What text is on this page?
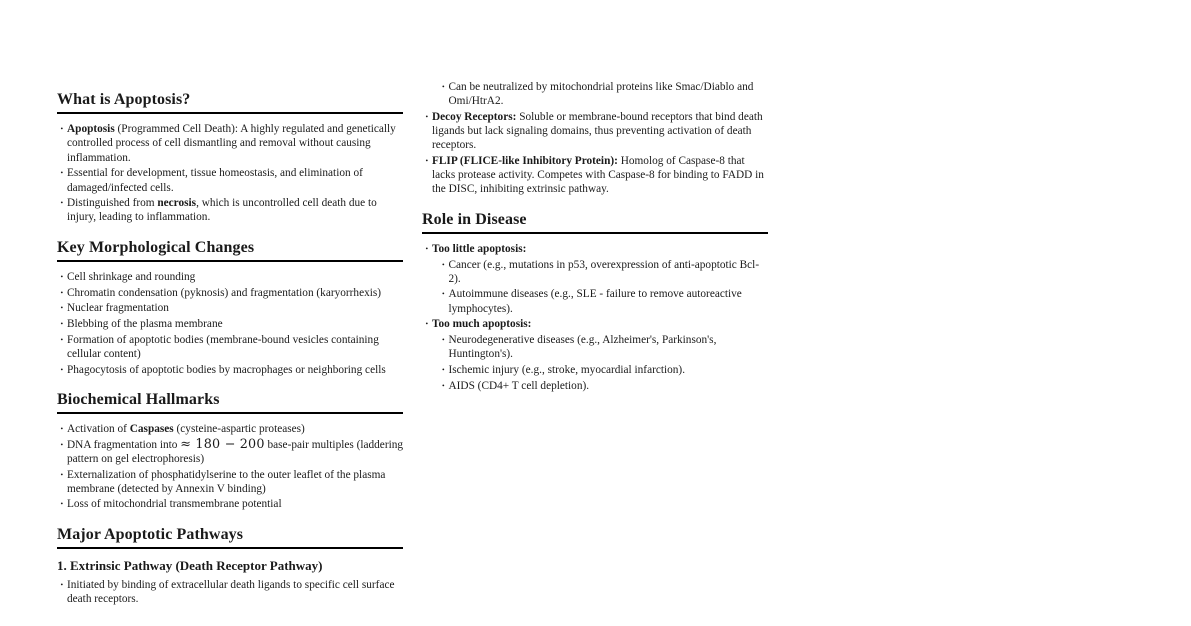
What is Apoptosis?
• Apoptosis (Programmed Cell Death): A highly regulated and genetically controlled process of cell dismantling and removal without causing inflammation.
• Essential for development, tissue homeostasis, and elimination of damaged/infected cells.
• Distinguished from necrosis, which is uncontrolled cell death due to injury, leading to inflammation.
Key Morphological Changes
• Cell shrinkage and rounding
• Chromatin condensation (pyknosis) and fragmentation (karyorrhexis)
• Nuclear fragmentation
• Blebbing of the plasma membrane
• Formation of apoptotic bodies (membrane-bound vesicles containing cellular content)
• Phagocytosis of apoptotic bodies by macrophages or neighboring cells
Biochemical Hallmarks
• Activation of Caspases (cysteine-aspartic proteases)
• DNA fragmentation into ≈ 180 − 200 base-pair multiples (laddering pattern on gel electrophoresis)
• Externalization of phosphatidylserine to the outer leaflet of the plasma membrane (detected by Annexin V binding)
• Loss of mitochondrial transmembrane potential
Major Apoptotic Pathways
1. Extrinsic Pathway (Death Receptor Pathway)
• Initiated by binding of extracellular death ligands to specific cell surface death receptors.
• Can be neutralized by mitochondrial proteins like Smac/Diablo and Omi/HtrA2.
• Decoy Receptors: Soluble or membrane-bound receptors that bind death ligands but lack signaling domains, thus preventing activation of death receptors.
• FLIP (FLICE-like Inhibitory Protein): Homolog of Caspase-8 that lacks protease activity. Competes with Caspase-8 for binding to FADD in the DISC, inhibiting extrinsic pathway.
Role in Disease
• Too little apoptosis:
• Cancer (e.g., mutations in p53, overexpression of anti-apoptotic Bcl-2).
• Autoimmune diseases (e.g., SLE - failure to remove autoreactive lymphocytes).
• Too much apoptosis:
• Neurodegenerative diseases (e.g., Alzheimer's, Parkinson's, Huntington's).
• Ischemic injury (e.g., stroke, myocardial infarction).
• AIDS (CD4+ T cell depletion).
